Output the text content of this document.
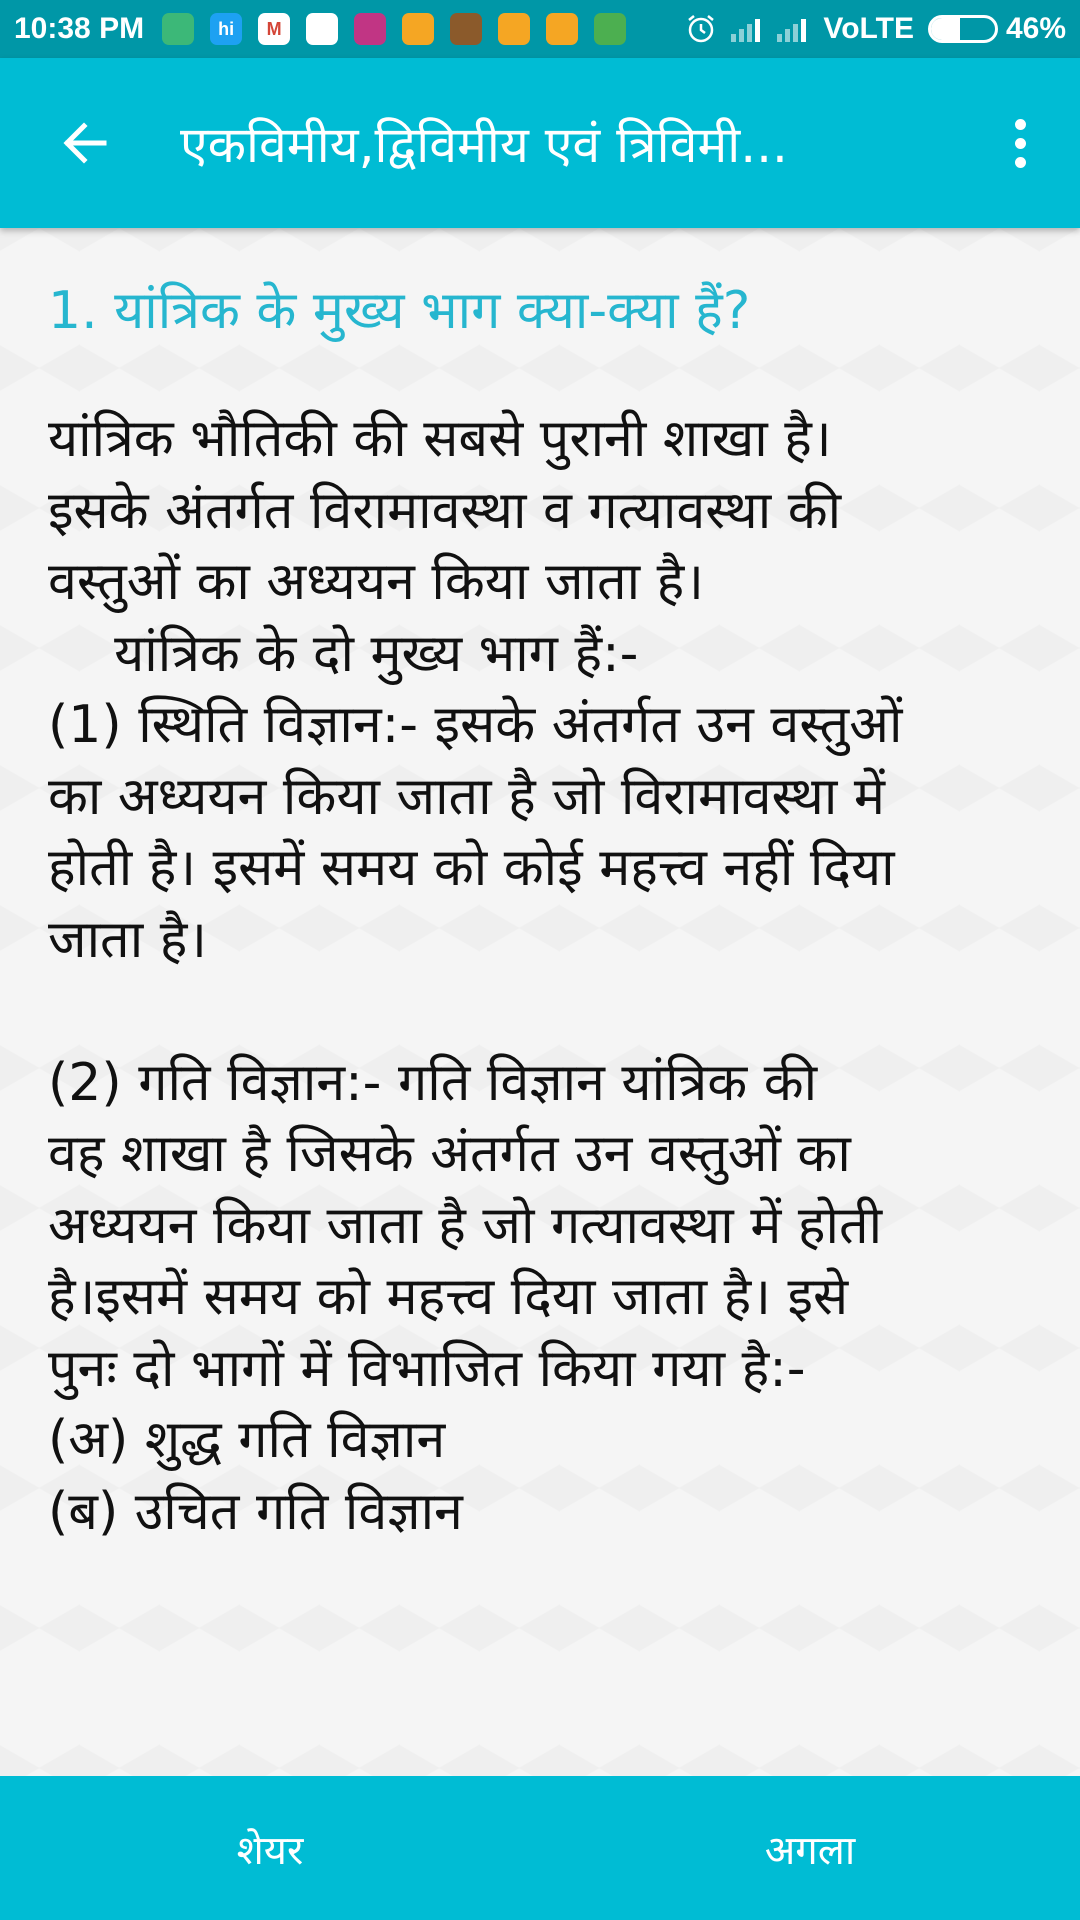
10:38 PM	hi	M	VoLTE	46%
एकविमीय,द्विविमीय एवं त्रिविमी...
1. यांत्रिक के मुख्य भाग क्या-क्या हैं?
यांत्रिक भौतिकी की सबसे पुरानी शाखा है।
इसके अंतर्गत विरामावस्था व गत्यावस्था की
वस्तुओं का अध्ययन किया जाता है।
यांत्रिक के दो मुख्य भाग हैं:-
(1) स्थिति विज्ञान:- इसके अंतर्गत उन वस्तुओं
का अध्ययन किया जाता है जो विरामावस्था में
होती है। इसमें समय को कोई महत्त्व नहीं दिया
जाता है।
(2) गति विज्ञान:- गति विज्ञान यांत्रिक की
वह शाखा है जिसके अंतर्गत उन वस्तुओं का
अध्ययन किया जाता है जो गत्यावस्था में होती
है।इसमें समय को महत्त्व दिया जाता है। इसे
पुनः दो भागों में विभाजित किया गया है:-
(अ) शुद्ध गति विज्ञान
(ब) उचित गति विज्ञान
शेयर	अगला
